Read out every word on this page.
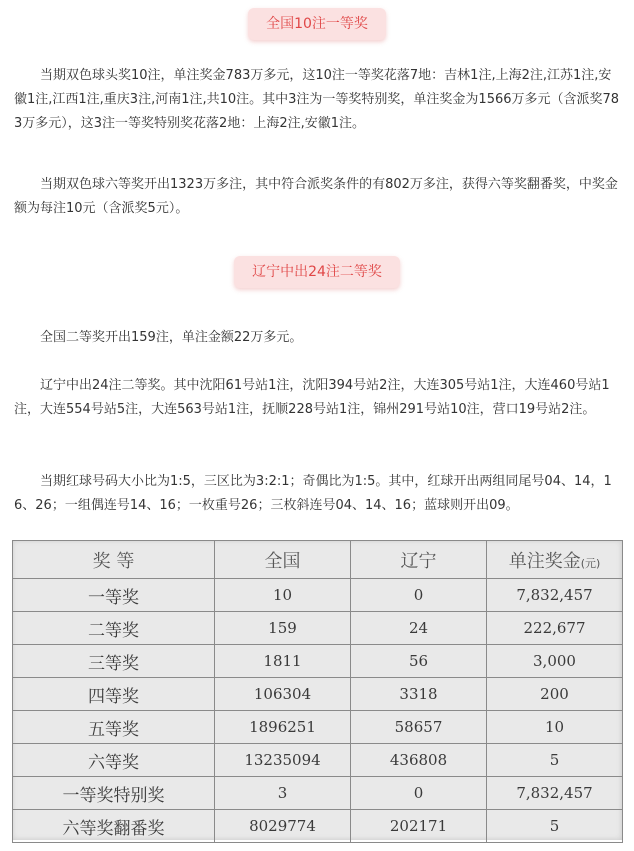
全国10注一等奖
当期双色球头奖10注，单注奖金783万多元，这10注一等奖花落7地：吉林1注,上海2注,江苏1注,安徽1注,江西1注,重庆3注,河南1注,共10注。其中3注为一等奖特别奖，单注奖金为1566万多元（含派奖783万多元），这3注一等奖特别奖花落2地：上海2注,安徽1注。
当期双色球六等奖开出1323万多注，其中符合派奖条件的有802万多注，获得六等奖翻番奖，中奖金额为每注10元（含派奖5元）。
辽宁中出24注二等奖
全国二等奖开出159注，单注金额22万多元。
辽宁中出24注二等奖。其中沈阳61号站1注，沈阳394号站2注，大连305号站1注，大连460号站1注，大连554号站5注，大连563号站1注，抚顺228号站1注，锦州291号站10注，营口19号站2注。
当期红球号码大小比为1:5，三区比为3:2:1；奇偶比为1:5。其中，红球开出两组同尾号04、14，16、26；一组偶连号14、16；一枚重号26；三枚斜连号04、14、16；蓝球则开出09。
奖 等	全国	辽宁	单注奖金(元)
一等奖	10	0	7,832,457
二等奖	159	24	222,677
三等奖	1811	56	3,000
四等奖	106304	3318	200
五等奖	1896251	58657	10
六等奖	13235094	436808	5
一等奖特别奖	3	0	7,832,457
六等奖翻番奖	8029774	202171	5
